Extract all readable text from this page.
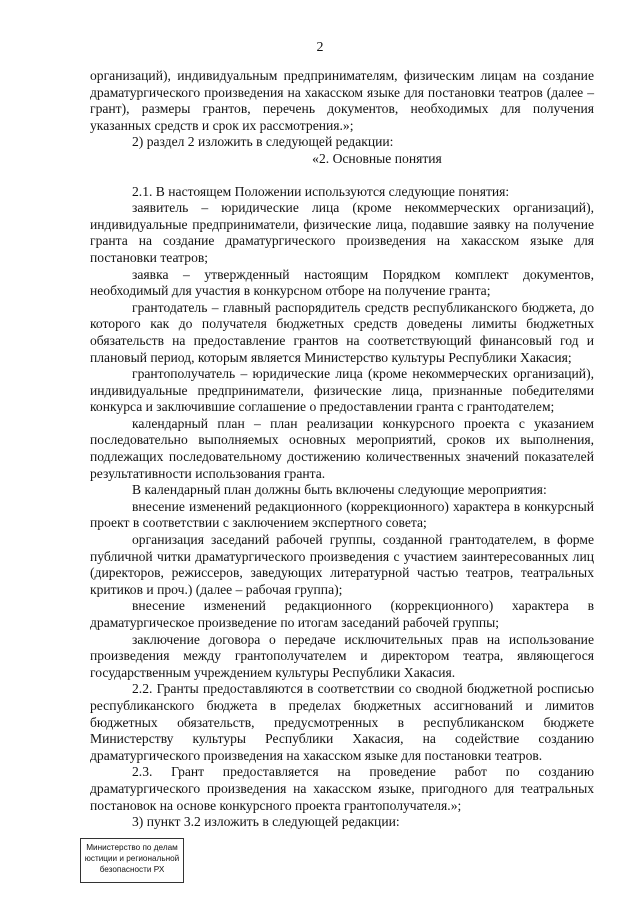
2

организаций), индивидуальным предпринимателям, физическим лицам на создание драматургического произведения на хакасском языке для постановки театров (далее – грант), размеры грантов, перечень документов, необходимых для получения указанных средств и срок их рассмотрения.»;

2) раздел 2 изложить в следующей редакции:

«2. Основные понятия

2.1. В настоящем Положении используются следующие понятия:

заявитель – юридические лица (кроме некоммерческих организаций), индивидуальные предприниматели, физические лица, подавшие заявку на получение гранта на создание драматургического произведения на хакасском языке для постановки театров;

заявка – утвержденный настоящим Порядком комплект документов, необходимый для участия в конкурсном отборе на получение гранта;

грантодатель – главный распорядитель средств республиканского бюджета, до которого как до получателя бюджетных средств доведены лимиты бюджетных обязательств на предоставление грантов на соответствующий финансовый год и плановый период, которым является Министерство культуры Республики Хакасия;

грантополучатель – юридические лица (кроме некоммерческих организаций), индивидуальные предприниматели, физические лица, признанные победителями конкурса и заключившие соглашение о предоставлении гранта с грантодателем;

календарный план – план реализации конкурсного проекта с указанием последовательно выполняемых основных мероприятий, сроков их выполнения, подлежащих последовательному достижению количественных значений показателей результативности использования гранта.

В календарный план должны быть включены следующие мероприятия:

внесение изменений редакционного (коррекционного) характера в конкурсный проект в соответствии с заключением экспертного совета;

организация заседаний рабочей группы, созданной грантодателем, в форме публичной читки драматургического произведения с участием заинтересованных лиц (директоров, режиссеров, заведующих литературной частью театров, театральных критиков и проч.) (далее – рабочая группа);

внесение изменений редакционного (коррекционного) характера в драматургическое произведение по итогам заседаний рабочей группы;

заключение договора о передаче исключительных прав на использование произведения между грантополучателем и директором театра, являющегося государственным учреждением культуры Республики Хакасия.

2.2. Гранты предоставляются в соответствии со сводной бюджетной росписью республиканского бюджета в пределах бюджетных ассигнований и лимитов бюджетных обязательств, предусмотренных в республиканском бюджете Министерству культуры Республики Хакасия, на содействие созданию драматургического произведения на хакасском языке для постановки театров.

2.3. Грант предоставляется на проведение работ по созданию драматургического произведения на хакасском языке, пригодного для театральных постановок на основе конкурсного проекта грантополучателя.»;

3) пункт 3.2 изложить в следующей редакции:

Министерство по делам
юстиции и региональной
безопасности РХ
